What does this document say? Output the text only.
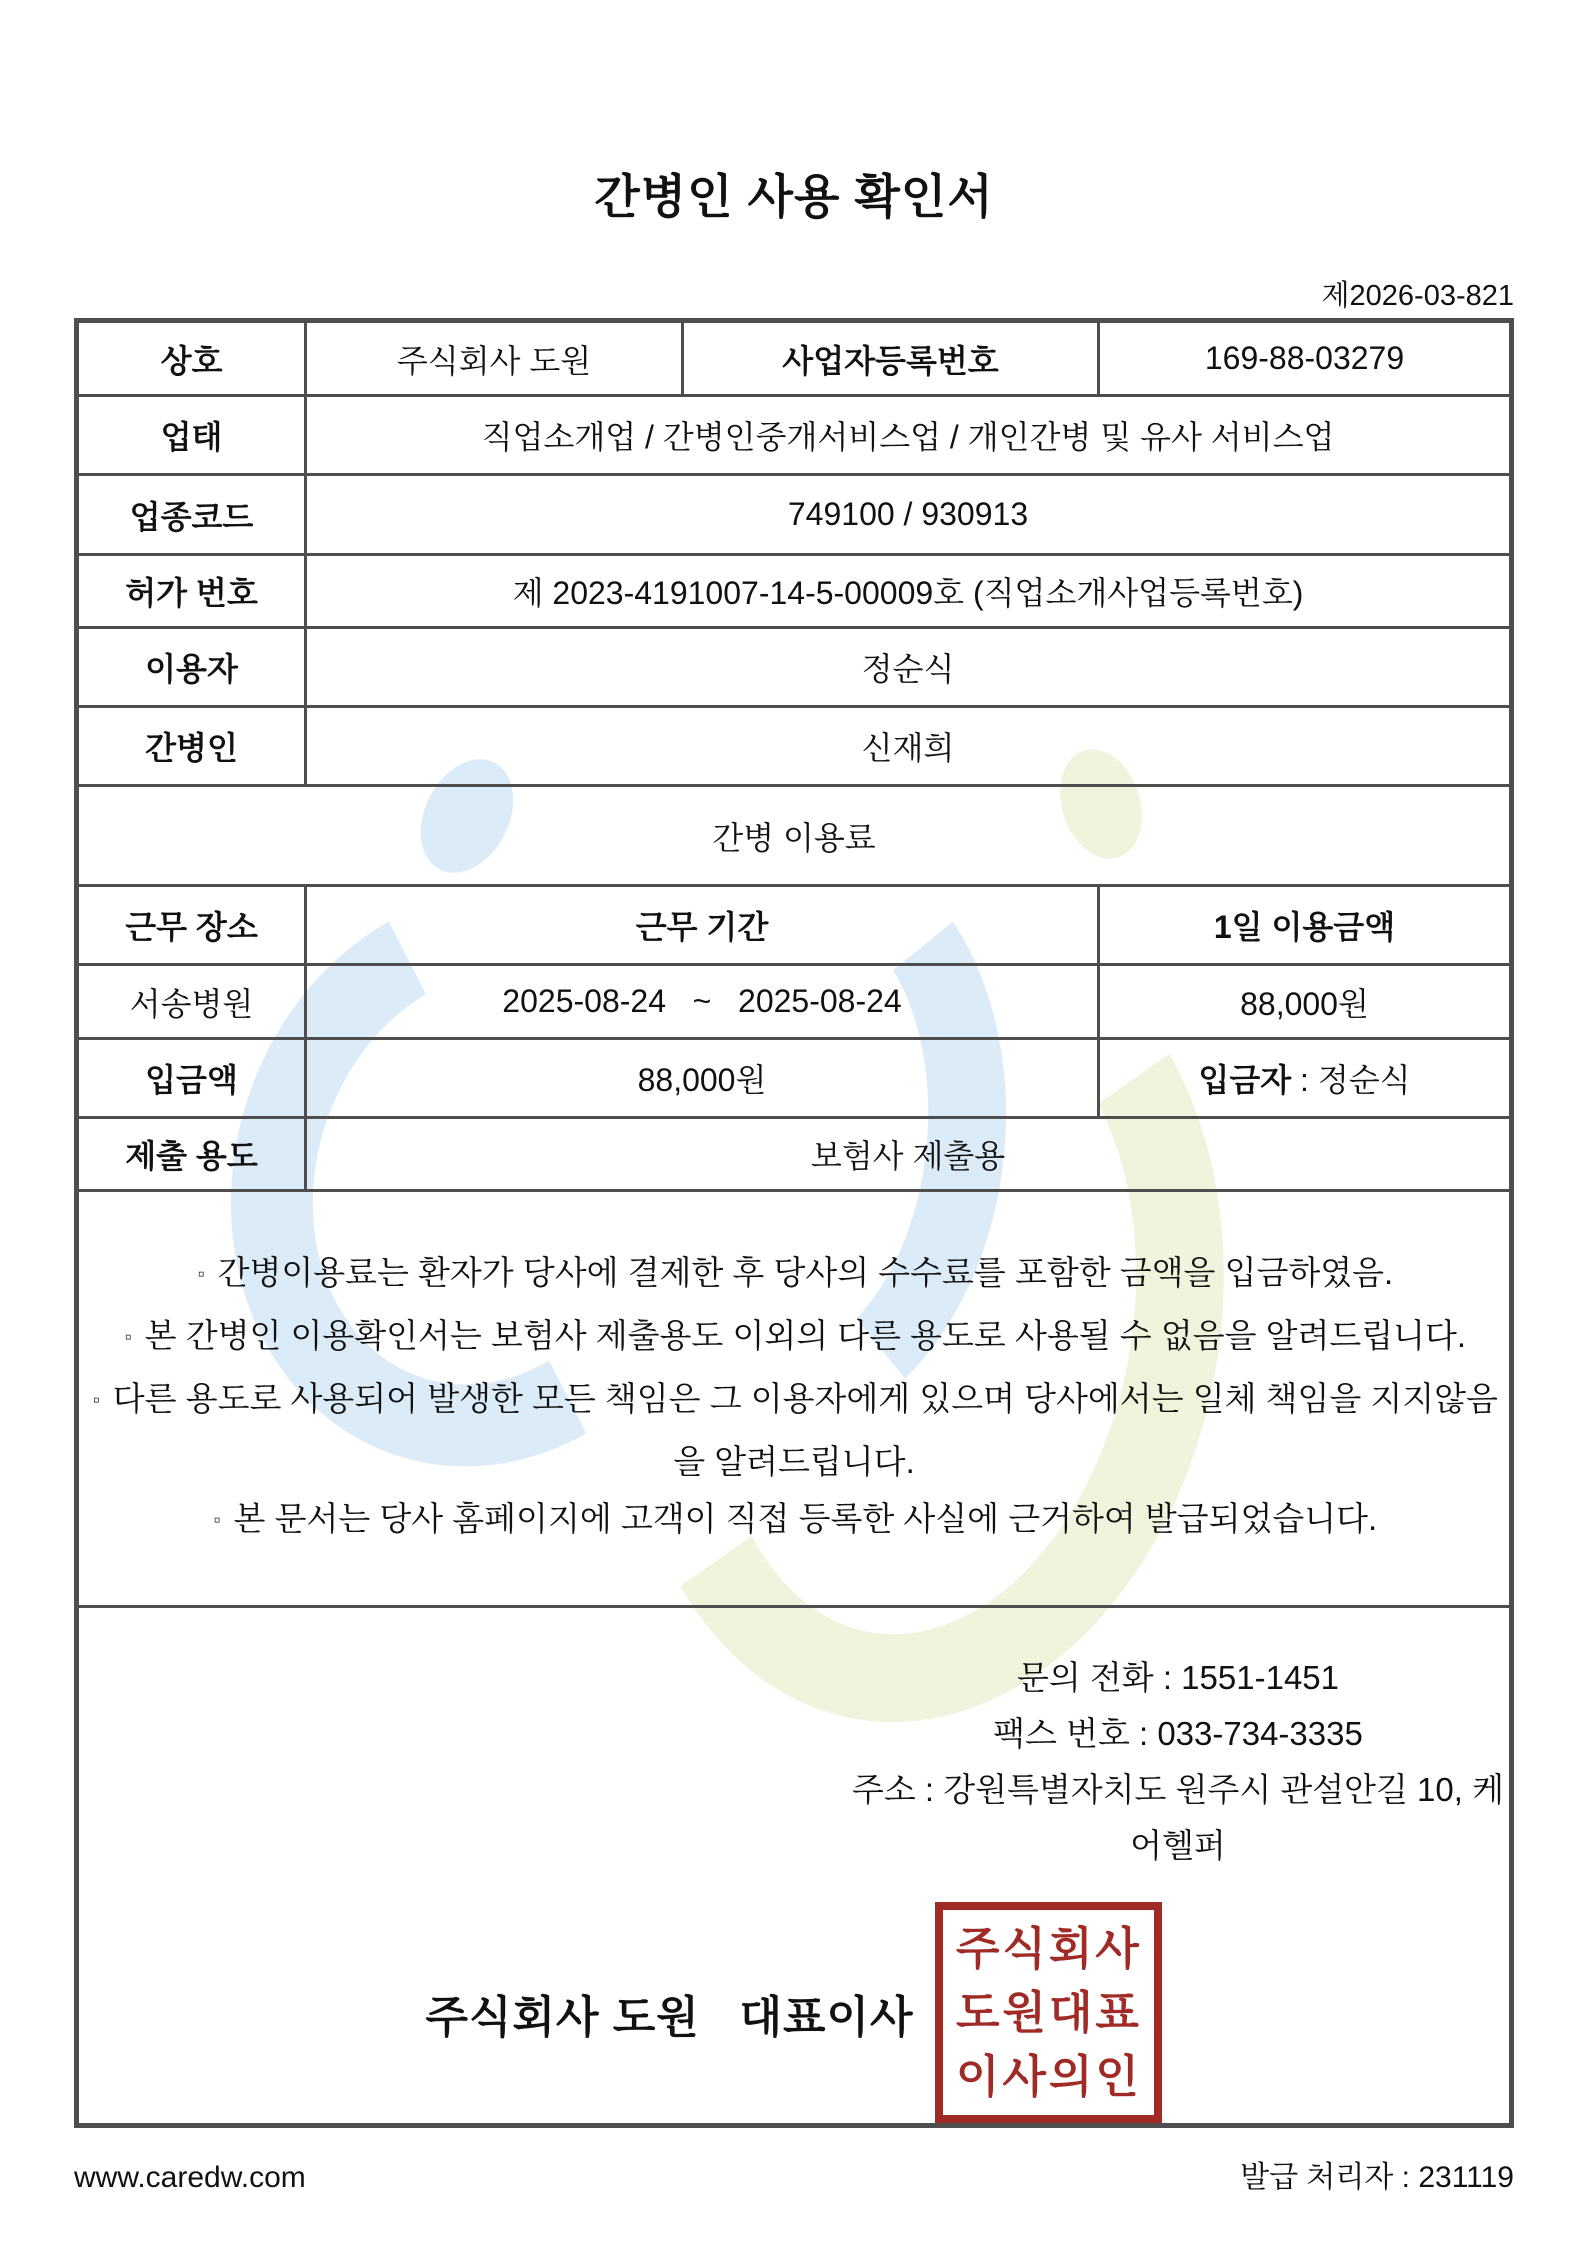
간병인 사용 확인서
제2026-03-821
상호	주식회사 도원	사업자등록번호	169-88-03279
업태	직업소개업 / 간병인중개서비스업 / 개인간병 및 유사 서비스업		
업종코드	749100 / 930913		
허가 번호	제 2023-4191007-14-5-00009호 (직업소개사업등록번호)		
이용자	정순식		
간병인	신재희		
간병 이용료			
근무 장소	근무 기간		1일 이용금액
서송병원	2025-08-24   ~   2025-08-24		88,000원
입금액	88,000원		입금자 : 정순식
제출 용도	보험사 제출용		

▫ 간병이용료는 환자가 당사에 결제한 후 당사의 수수료를 포함한 금액을 입금하였음.
▫ 본 간병인 이용확인서는 보험사 제출용도 이외의 다른 용도로 사용될 수 없음을 알려드립니다.
▫ 다른 용도로 사용되어 발생한 모든 책임은 그 이용자에게 있으며 당사에서는 일체 책임을 지지않음을 알려드립니다.
▫ 본 문서는 당사 홈페이지에 고객이 직접 등록한 사실에 근거하여 발급되었습니다.			

문의 전화 : 1551-1451
팩스 번호 : 033-734-3335
주소 : 강원특별자치도 원주시 관설안길 10, 케어헬퍼
주식회사 도원   대표이사
주식회사
도원대표
이사의인
www.caredw.com	발급 처리자 : 231119
